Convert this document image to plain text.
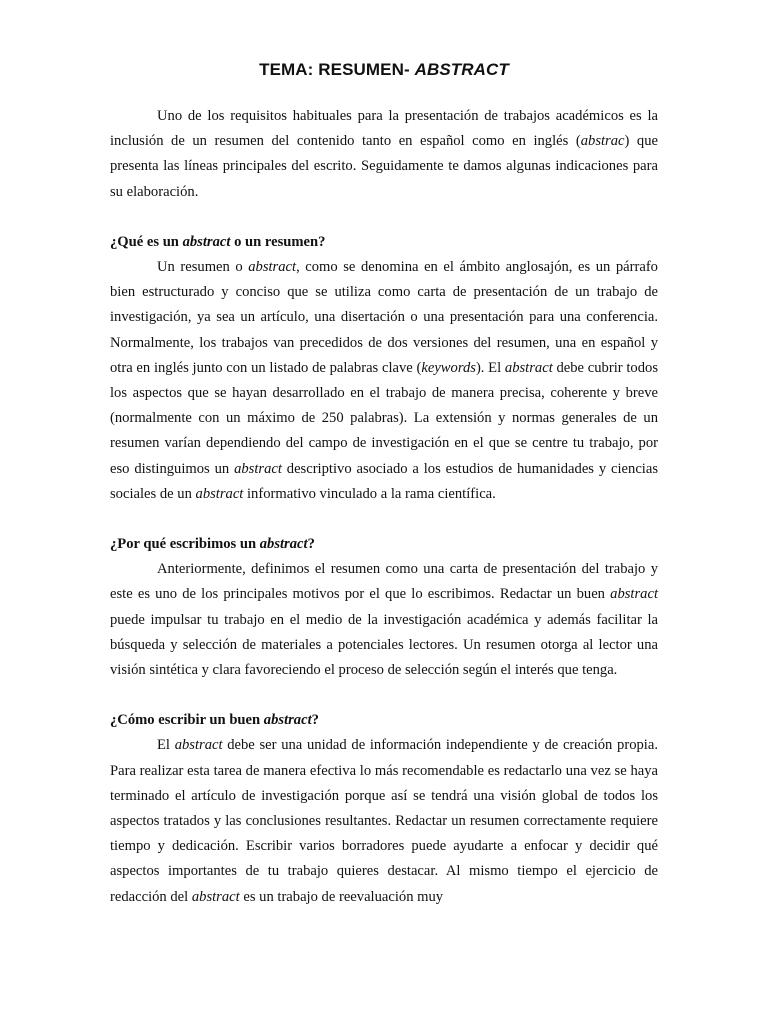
TEMA: RESUMEN- ABSTRACT

Uno de los requisitos habituales para la presentación de trabajos académicos es la inclusión de un resumen del contenido tanto en español como en inglés (abstrac) que presenta las líneas principales del escrito. Seguidamente te damos algunas indicaciones para su elaboración.

¿Qué es un abstract o un resumen?

Un resumen o abstract, como se denomina en el ámbito anglosajón, es un párrafo bien estructurado y conciso que se utiliza como carta de presentación de un trabajo de investigación, ya sea un artículo, una disertación o una presentación para una conferencia. Normalmente, los trabajos van precedidos de dos versiones del resumen, una en español y otra en inglés junto con un listado de palabras clave (keywords). El abstract debe cubrir todos los aspectos que se hayan desarrollado en el trabajo de manera precisa, coherente y breve (normalmente con un máximo de 250 palabras). La extensión y normas generales de un resumen varían dependiendo del campo de investigación en el que se centre tu trabajo, por eso distinguimos un abstract descriptivo asociado a los estudios de humanidades y ciencias sociales de un abstract informativo vinculado a la rama científica.

¿Por qué escribimos un abstract?

Anteriormente, definimos el resumen como una carta de presentación del trabajo y este es uno de los principales motivos por el que lo escribimos. Redactar un buen abstract puede impulsar tu trabajo en el medio de la investigación académica y además facilitar la búsqueda y selección de materiales a potenciales lectores. Un resumen otorga al lector una visión sintética y clara favoreciendo el proceso de selección según el interés que tenga.

¿Cómo escribir un buen abstract?

El abstract debe ser una unidad de información independiente y de creación propia. Para realizar esta tarea de manera efectiva lo más recomendable es redactarlo una vez se haya terminado el artículo de investigación porque así se tendrá una visión global de todos los aspectos tratados y las conclusiones resultantes. Redactar un resumen correctamente requiere tiempo y dedicación. Escribir varios borradores puede ayudarte a enfocar y decidir qué aspectos importantes de tu trabajo quieres destacar. Al mismo tiempo el ejercicio de redacción del abstract es un trabajo de reevaluación muy
